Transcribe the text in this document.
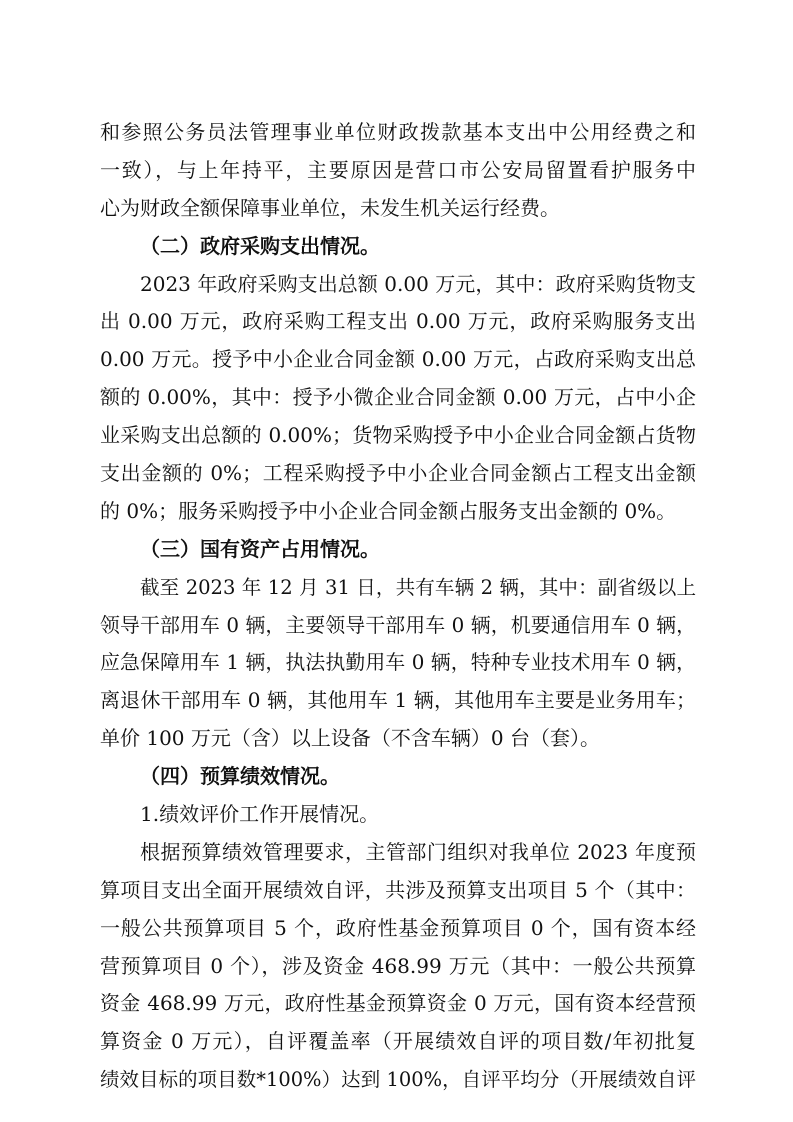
和参照公务员法管理事业单位财政拨款基本支出中公用经费之和
一致），与上年持平，主要原因是营口市公安局留置看护服务中
心为财政全额保障事业单位，未发生机关运行经费。
（二）政府采购支出情况。
2023 年政府采购支出总额 0.00 万元，其中：政府采购货物支
出 0.00 万元，政府采购工程支出 0.00 万元，政府采购服务支出
0.00 万元。授予中小企业合同金额 0.00 万元，占政府采购支出总
额的 0.00%，其中：授予小微企业合同金额 0.00 万元，占中小企
业采购支出总额的 0.00%；货物采购授予中小企业合同金额占货物
支出金额的 0%；工程采购授予中小企业合同金额占工程支出金额
的 0%；服务采购授予中小企业合同金额占服务支出金额的 0%。
（三）国有资产占用情况。
截至 2023 年 12 月 31 日，共有车辆 2 辆，其中：副省级以上
领导干部用车 0 辆，主要领导干部用车 0 辆，机要通信用车 0 辆，
应急保障用车 1 辆，执法执勤用车 0 辆，特种专业技术用车 0 辆，
离退休干部用车 0 辆，其他用车 1 辆，其他用车主要是业务用车；
单价 100 万元（含）以上设备（不含车辆）0 台（套）。
（四）预算绩效情况。
1.绩效评价工作开展情况。
根据预算绩效管理要求，主管部门组织对我单位 2023 年度预
算项目支出全面开展绩效自评，共涉及预算支出项目 5 个（其中：
一般公共预算项目 5 个，政府性基金预算项目 0 个，国有资本经
营预算项目 0 个），涉及资金 468.99 万元（其中：一般公共预算
资金 468.99 万元，政府性基金预算资金 0 万元，国有资本经营预
算资金 0 万元），自评覆盖率（开展绩效自评的项目数/年初批复
绩效目标的项目数*100%）达到 100%，自评平均分（开展绩效自评
